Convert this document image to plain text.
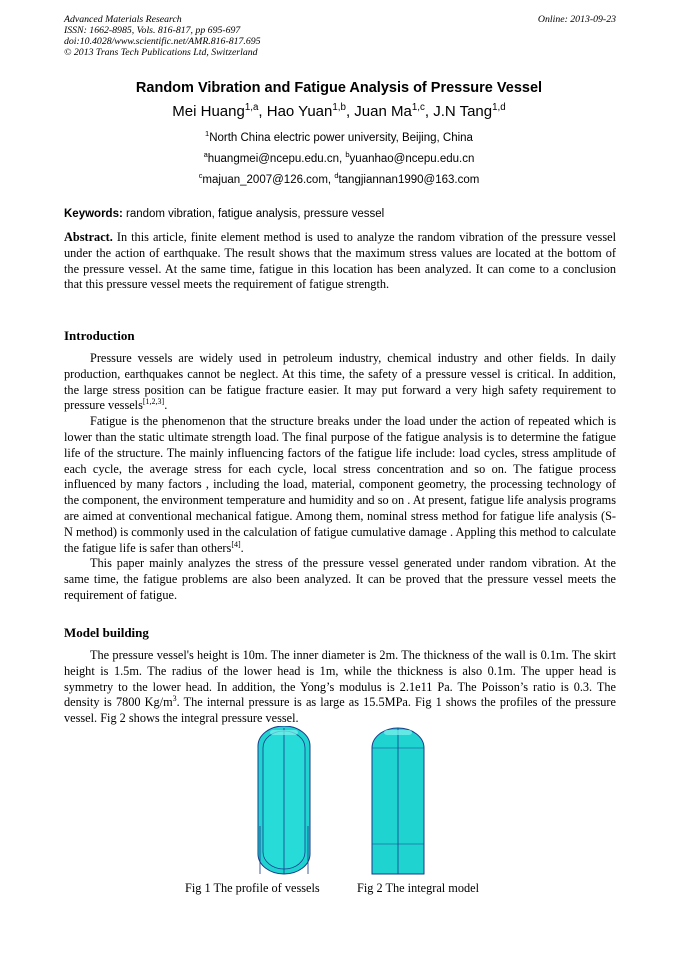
Advanced Materials Research
ISSN: 1662-8985, Vols. 816-817, pp 695-697
doi:10.4028/www.scientific.net/AMR.816-817.695
© 2013 Trans Tech Publications Ltd, Switzerland
Online: 2013-09-23
Random Vibration and Fatigue Analysis of Pressure Vessel
Mei Huang$^{1,a}$, Hao Yuan$^{1,b}$, Juan Ma$^{1,c}$, J.N Tang$^{1,d}$
$^1$North China electric power university, Beijing, China
$^a$huangmei@ncepu.edu.cn, $^b$yuanhao@ncepu.edu.cn
$^c$majuan_2007@126.com, $^d$tangjiannan1990@163.com
Keywords: random vibration, fatigue analysis, pressure vessel

Abstract. In this article, finite element method is used to analyze the random vibration of the pressure vessel under the action of earthquake. The result shows that the maximum stress values are located at the bottom of the pressure vessel. At the same time, fatigue in this location has been analyzed. It can come to a conclusion that this pressure vessel meets the requirement of fatigue strength.

Introduction

Pressure vessels are widely used in petroleum industry, chemical industry and other fields. In daily production, earthquakes cannot be neglect. At this time, the safety of a pressure vessel is critical. In addition, the large stress position can be fatigue fracture easier. It may put forward a very high safety requirement to pressure vessels[1,2,3].

Fatigue is the phenomenon that the structure breaks under the load under the action of repeated which is lower than the static ultimate strength load. The final purpose of the fatigue analysis is to determine the fatigue life of the structure. The mainly influencing factors of the fatigue life include: load cycles, stress amplitude of each cycle, the average stress for each cycle, local stress concentration and so on. The fatigue process influenced by many factors , including the load, material, component geometry, the processing technology of the component, the environment temperature and humidity and so on . At present, fatigue life analysis programs are aimed at conventional mechanical fatigue. Among them, nominal stress method for fatigue life analysis (S-N method) is commonly used in the calculation of fatigue cumulative damage . Appling this method to calculate the fatigue life is safer than others[4].

This paper mainly analyzes the stress of the pressure vessel generated under random vibration. At the same time, the fatigue problems are also been analyzed. It can be proved that the pressure vessel meets the requirement of fatigue.

Model building

The pressure vessel's height is 10m. The inner diameter is 2m. The thickness of the wall is 0.1m. The skirt height is 1.5m. The radius of the lower head is 1m, while the thickness is also 0.1m. The upper head is symmetry to the lower head. In addition, the Yong’s modulus is 2.1e11 Pa. The Poisson’s ratio is 0.3. The density is 7800 $Kg/m^3$. The internal pressure is as large as 15.5MPa. Fig 1 shows the profiles of the pressure vessel. Fig 2 shows the integral pressure vessel.

Fig 1 The profile of vessels	Fig 2 The integral model
